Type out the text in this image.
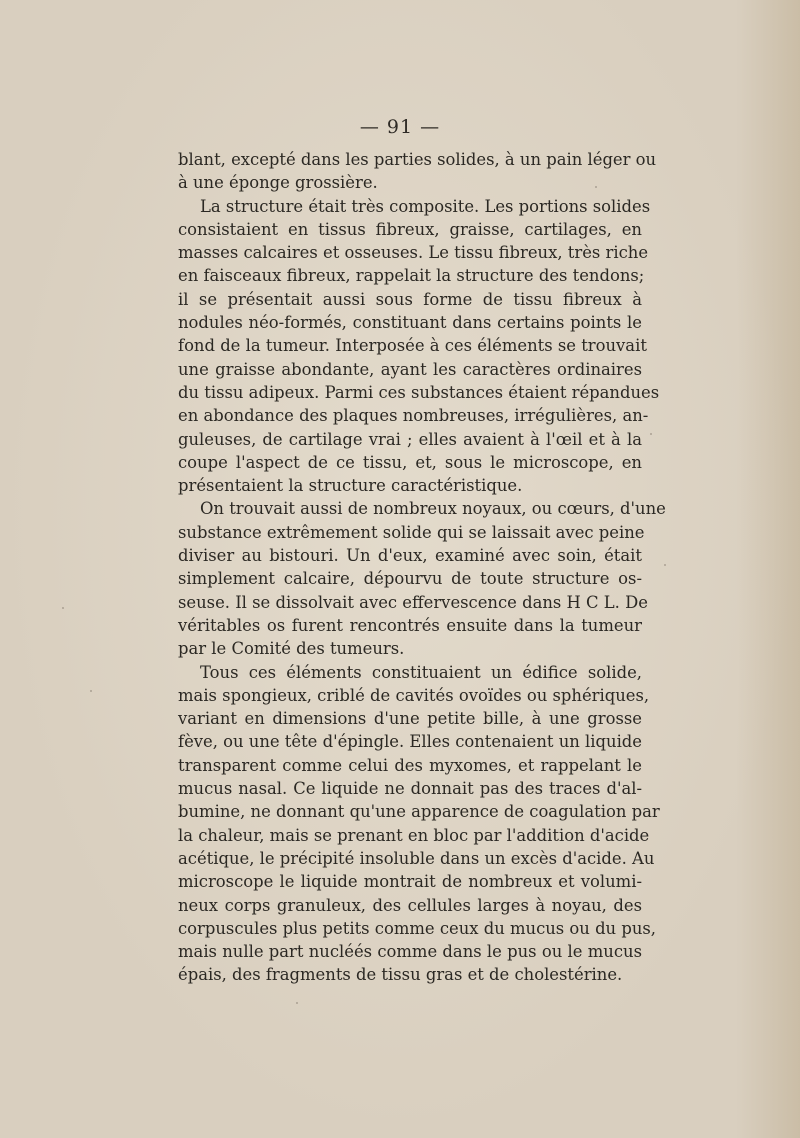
— 91 —
blant, excepté dans les parties solides, à un pain léger ou
à une éponge grossière.
La structure était très composite. Les portions solides
consistaient en tissus fibreux, graisse, cartilages, en
masses calcaires et osseuses. Le tissu fibreux, très riche
en faisceaux fibreux, rappelait la structure des tendons;
il se présentait aussi sous forme de tissu fibreux à
nodules néo-formés, constituant dans certains points le
fond de la tumeur. Interposée à ces éléments se trouvait
une graisse abondante, ayant les caractères ordinaires
du tissu adipeux. Parmi ces substances étaient répandues
en abondance des plaques nombreuses, irrégulières, an-
guleuses, de cartilage vrai ; elles avaient à l'œil et à la
coupe l'aspect de ce tissu, et, sous le microscope, en
présentaient la structure caractéristique.
On trouvait aussi de nombreux noyaux, ou cœurs, d'une
substance extrêmement solide qui se laissait avec peine
diviser au bistouri. Un d'eux, examiné avec soin, était
simplement calcaire, dépourvu de toute structure os-
seuse. Il se dissolvait avec effervescence dans H C L. De
véritables os furent rencontrés ensuite dans la tumeur
par le Comité des tumeurs.
Tous ces éléments constituaient un édifice solide,
mais spongieux, criblé de cavités ovoïdes ou sphériques,
variant en dimensions d'une petite bille, à une grosse
fève, ou une tête d'épingle. Elles contenaient un liquide
transparent comme celui des myxomes, et rappelant le
mucus nasal. Ce liquide ne donnait pas des traces d'al-
bumine, ne donnant qu'une apparence de coagulation par
la chaleur, mais se prenant en bloc par l'addition d'acide
acétique, le précipité insoluble dans un excès d'acide. Au
microscope le liquide montrait de nombreux et volumi-
neux corps granuleux, des cellules larges à noyau, des
corpuscules plus petits comme ceux du mucus ou du pus,
mais nulle part nucléés comme dans le pus ou le mucus
épais, des fragments de tissu gras et de cholestérine.
